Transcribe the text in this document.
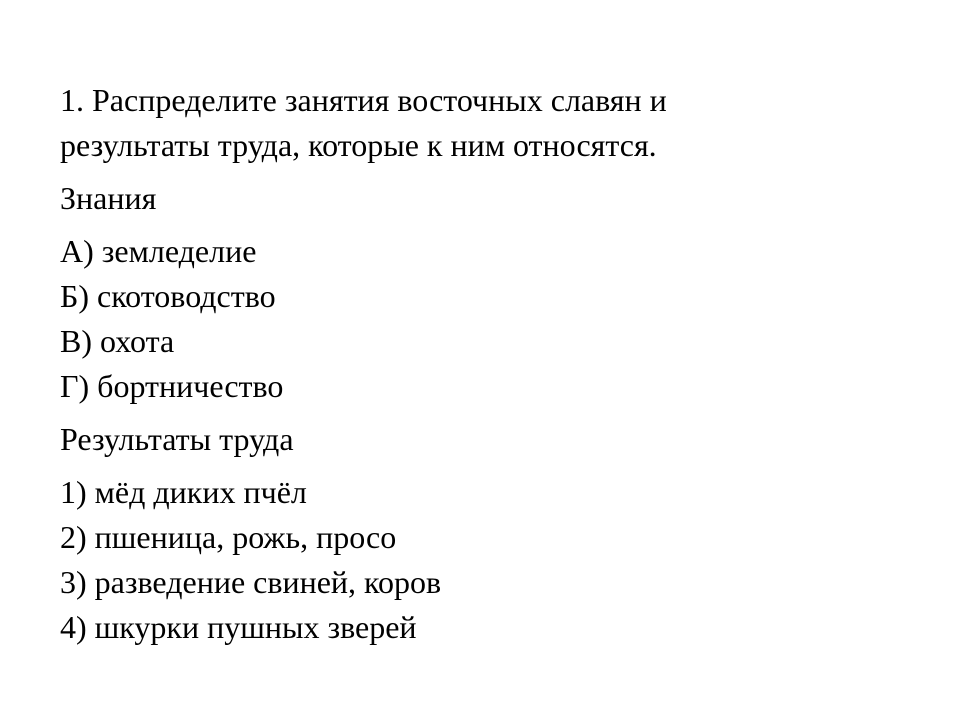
1. Распределите занятия восточных славян и
результаты труда, которые к ним относятся.

Знания

А) земледелие
Б) скотоводство
В) охота
Г) бортничество

Результаты труда

1) мёд диких пчёл
2) пшеница, рожь, просо
3) разведение свиней, коров
4) шкурки пушных зверей
